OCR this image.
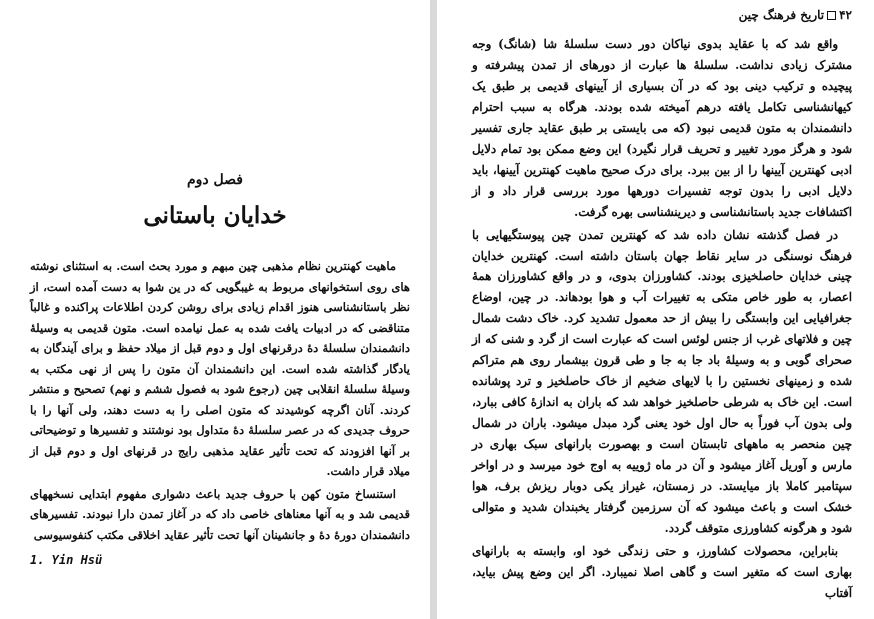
فصل دوم
خدایان باستانی

ماهیت کهنترین نظام مذهبی چین مبهم و مورد بحث است. به استثنای نوشته های روی استخوانهای مربوط به غیبگویی که در ین شوا به دست آمده است، از نظر باستانشناسی هنوز اقدام زیادی برای روشن کردن اطلاعات پراکنده و غالباً متناقضی که در ادبیات یافت شده به عمل نیامده است. متون قدیمی به وسیلهٔ دانشمندان سلسلهٔ دهٔ درقرنهای اول و دوم قبل از میلاد حفظ و برای آیندگان به یادگار گذاشته شده است. این دانشمندان آن متون را پس از نهی مکتب به وسیلهٔ سلسلهٔ انقلابی چین (رجوع شود به فصول ششم و نهم) تصحیح و منتشر کردند. آنان اگرچه کوشیدند که متون اصلی را به دست دهند، ولی آنها را با حروف جدیدی که در عصر سلسلهٔ دهٔ متداول بود نوشتند و تفسیرها و توضیحاتی بر آنها افزودند که تحت تأثیر عقاید مذهبی رایج در قرنهای اول و دوم قبل از میلاد قرار داشت.

استنساخ متون کهن با حروف جدید باعث دشواری مفهوم ابتدایی نسخههای قدیمی شد و به آنها معناهای خاصی داد که در آغاز تمدن دارا نبودند. تفسیرهای دانشمندان دورهٔ دهٔ و جانشینان آنها تحت تأثیر عقاید اخلاقی مکتب کنفوسیوسی

1. Yin Hsü
۴۲
تاریخ فرهنگ چین

واقع شد که با عقاید بدوی نیاکان دور دست سلسلهٔ شا (شانگ) وجه مشترک زیادی نداشت. سلسلهٔ ها عبارت از دورهای از تمدن پیشرفته و پیچیده و ترکیب دینی بود که در آن بسیاری از آیینهای قدیمی بر طبق یک کیهانشناسی تکامل یافته درهم آمیخته شده بودند. هرگاه به سبب احترام دانشمندان به متون قدیمی نبود (که می بایستی بر طبق عقاید جاری تفسیر شود و هرگز مورد تغییر و تحریف قرار نگیرد) این وضع ممکن بود تمام دلایل ادبی کهنترین آیینها را از بین ببرد. برای درک صحیح ماهیت کهنترین آیینها، باید دلایل ادبی را بدون توجه تفسیرات دورهها مورد بررسی قرار داد و از اکتشافات جدید باستانشناسی و دیرینشناسی بهره گرفت.

در فصل گذشته نشان داده شد که کهنترین تمدن چین پیوستگیهایی با فرهنگ نوسنگی در سایر نقاط جهان باستان داشته است. کهنترین خدایان چینی خدایان حاصلخیزی بودند. کشاورزان بدوی، و در واقع کشاورزان همهٔ اعصار، به طور خاص متکی به تغییرات آب و هوا بودهاند. در چین، اوضاع جغرافیایی این وابستگی را بیش از حد معمول تشدید کرد. خاک دشت شمال چین و فلاتهای غرب از جنس لوئس است که عبارت است از گرد و شنی که از صحرای گوبی و به وسیلهٔ باد جا به جا و طی قرون بیشمار روی هم متراکم شده و زمینهای نخستین را با لایهای ضخیم از خاک حاصلخیز و ترد پوشانده است. این خاک به شرطی حاصلخیز خواهد شد که باران به اندازهٔ کافی ببارد، ولی بدون آب فوراً به حال اول خود یعنی گرد مبدل میشود. باران در شمال چین منحصر به ماههای تابستان است و بهصورت بارانهای سبک بهاری در مارس و آوریل آغاز میشود و آن در ماه ژوییه به اوج خود میرسد و در اواخر سپتامبر کاملا باز میایستد. در زمستان، غیراز یکی دوبار ریزش برف، هوا خشک است و باعث میشود که آن سرزمین گرفتار یخبندان شدید و متوالی شود و هرگونه کشاورزی متوقف گردد.

بنابراین، محصولات کشاورز، و حتی زندگی خود او، وابسته به بارانهای بهاری است که متغیر است و گاهی اصلا نمیبارد. اگر این وضع پیش بیاید، آفتاب
